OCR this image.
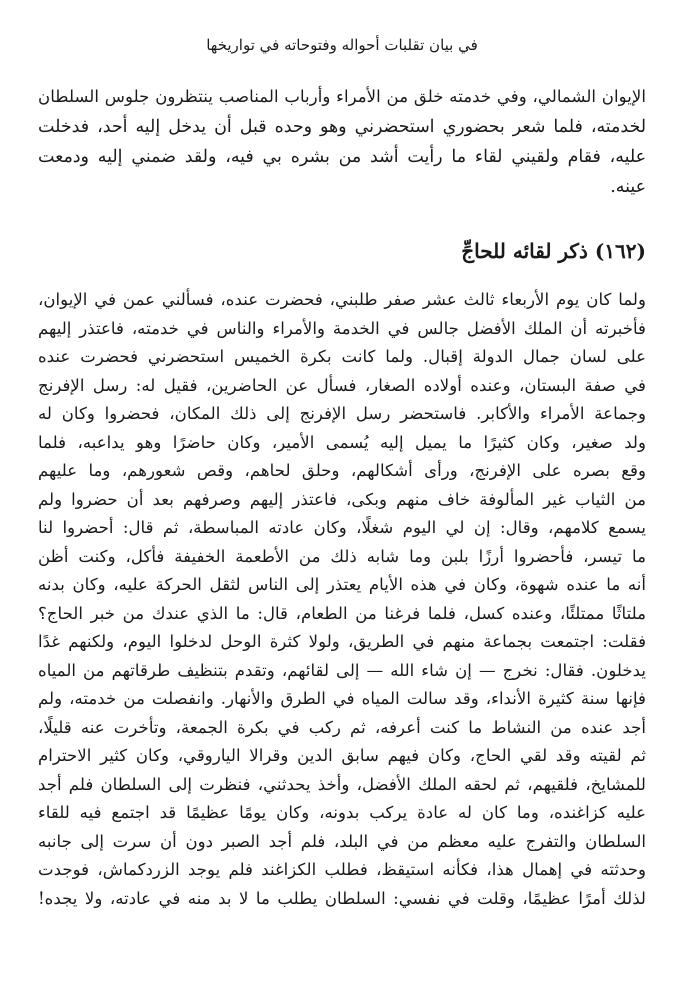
في بيان تقلبات أحواله وفتوحاته في تواريخها
الإيوان الشمالي، وفي خدمته خلق من الأمراء وأرباب المناصب ينتظرون جلوس السلطان
لخدمته، فلما شعر بحضوري استحضرني وهو وحده قبل أن يدخل إليه أحد، فدخلت
عليه، فقام ولقيني لقاء ما رأيت أشد من بشره بي فيه، ولقد ضمني إليه ودمعت
عينه.
(١٦٢) ذكر لقائه للحاجِّ
ولما كان يوم الأربعاء ثالث عشر صفر طلبني، فحضرت عنده، فسألني عمن في الإيوان،
فأخبرته أن الملك الأفضل جالس في الخدمة والأمراء والناس في خدمته، فاعتذر إليهم
على لسان جمال الدولة إقبال. ولما كانت بكرة الخميس استحضرني فحضرت عنده
في صفة البستان، وعنده أولاده الصغار، فسأل عن الحاضرين، فقيل له: رسل الإفرنج
وجماعة الأمراء والأكابر. فاستحضر رسل الإفرنج إلى ذلك المكان، فحضروا وكان له
ولد صغير، وكان كثيرًا ما يميل إليه يُسمى الأمير، وكان حاضرًا وهو يداعبه، فلما
وقع بصره على الإفرنج، ورأى أشكالهم، وحلق لحاهم، وقص شعورهم، وما عليهم
من الثياب غير المألوفة خاف منهم وبكى، فاعتذر إليهم وصرفهم بعد أن حضروا ولم
يسمع كلامهم، وقال: إن لي اليوم شغلًا، وكان عادته المباسطة، ثم قال: أحضروا لنا
ما تيسر، فأحضروا أرزًا بلبن وما شابه ذلك من الأطعمة الخفيفة فأكل، وكنت أظن
أنه ما عنده شهوة، وكان في هذه الأيام يعتذر إلى الناس لثقل الحركة عليه، وكان بدنه
ملتاثًا ممتلئًا، وعنده كسل، فلما فرغنا من الطعام، قال: ما الذي عندك من خبر الحاج؟
فقلت: اجتمعت بجماعة منهم في الطريق، ولولا كثرة الوحل لدخلوا اليوم، ولكنهم غدًا
يدخلون. فقال: نخرج — إن شاء الله — إلى لقائهم، وتقدم بتنظيف طرقاتهم من المياه
فإنها سنة كثيرة الأنداء، وقد سالت المياه في الطرق والأنهار. وانفصلت من خدمته، ولم
أجد عنده من النشاط ما كنت أعرفه، ثم ركب في بكرة الجمعة، وتأخرت عنه قليلًا،
ثم لقيته وقد لقي الحاج، وكان فيهم سابق الدين وقرالا الياروقي، وكان كثير الاحترام
للمشايخ، فلقيهم، ثم لحقه الملك الأفضل، وأخذ يحدثني، فنظرت إلى السلطان فلم أجد
عليه كزاغنده، وما كان له عادة يركب بدونه، وكان يومًا عظيمًا قد اجتمع فيه للقاء
السلطان والتفرج عليه معظم من في البلد، فلم أجد الصبر دون أن سرت إلى جانبه
وحدثته في إهمال هذا، فكأنه استيقظ، فطلب الكزاغند فلم يوجد الزردكماش، فوجدت
لذلك أمرًا عظيمًا، وقلت في نفسي: السلطان يطلب ما لا بد منه في عادته، ولا يجده!
